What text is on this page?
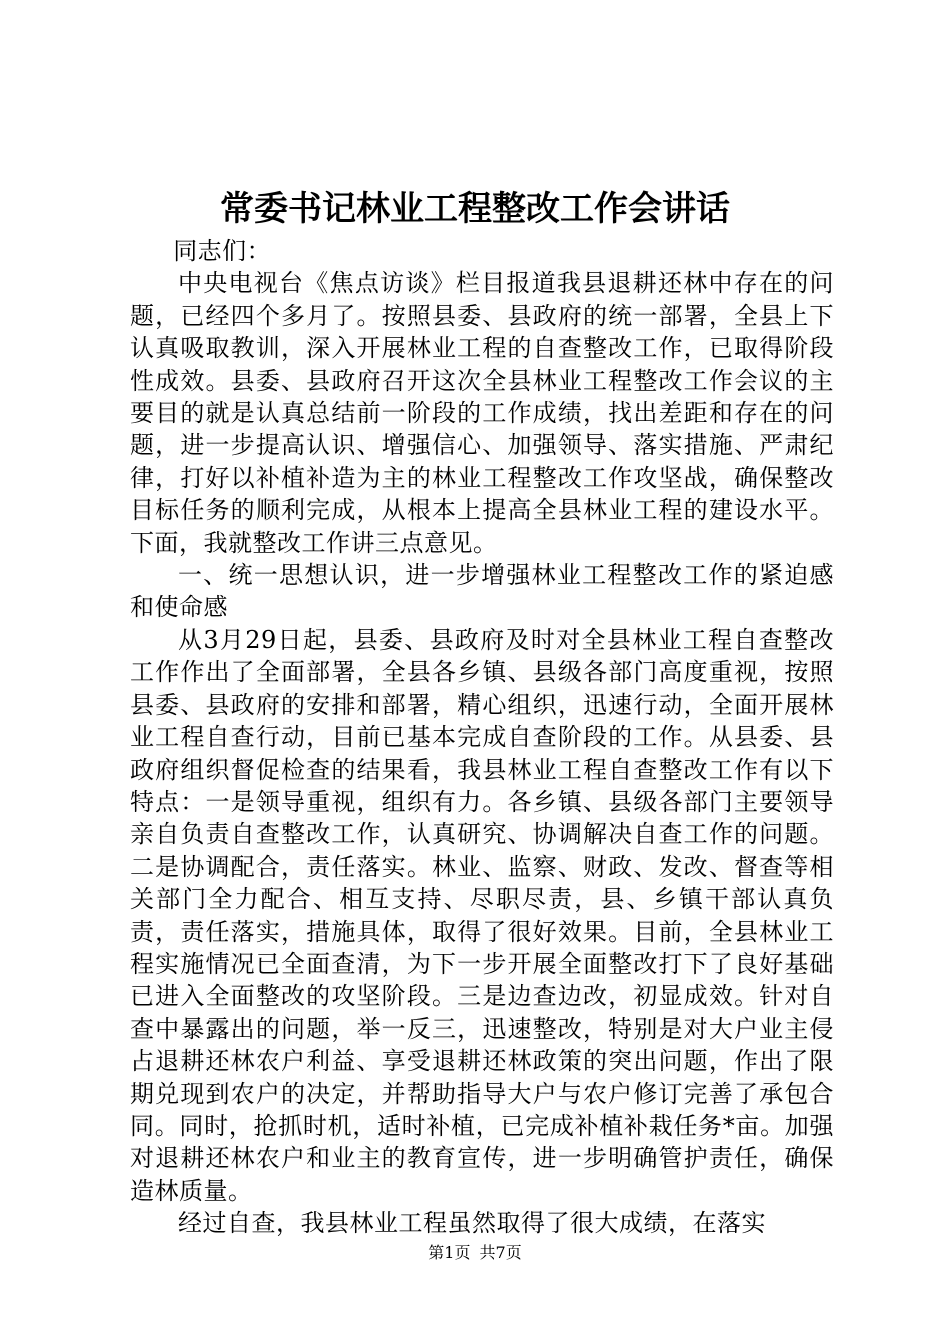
常委书记林业工程整改工作会讲话

同志们：

中央电视台《焦点访谈》栏目报道我县退耕还林中存在的问题，已经四个多月了。按照县委、县政府的统一部署，全县上下认真吸取教训，深入开展林业工程的自查整改工作，已取得阶段性成效。县委、县政府召开这次全县林业工程整改工作会议的主要目的就是认真总结前一阶段的工作成绩，找出差距和存在的问题，进一步提高认识、增强信心、加强领导、落实措施、严肃纪律，打好以补植补造为主的林业工程整改工作攻坚战，确保整改目标任务的顺利完成，从根本上提高全县林业工程的建设水平。下面，我就整改工作讲三点意见。

一、统一思想认识，进一步增强林业工程整改工作的紧迫感和使命感

从3月29日起，县委、县政府及时对全县林业工程自查整改工作作出了全面部署，全县各乡镇、县级各部门高度重视，按照县委、县政府的安排和部署，精心组织，迅速行动，全面开展林业工程自查行动，目前已基本完成自查阶段的工作。从县委、县政府组织督促检查的结果看，我县林业工程自查整改工作有以下特点：一是领导重视，组织有力。各乡镇、县级各部门主要领导亲自负责自查整改工作，认真研究、协调解决自查工作的问题。二是协调配合，责任落实。林业、监察、财政、发改、督查等相关部门全力配合、相互支持、尽职尽责，县、乡镇干部认真负责，责任落实，措施具体，取得了很好效果。目前，全县林业工程实施情况已全面查清，为下一步开展全面整改打下了良好基础已进入全面整改的攻坚阶段。三是边查边改，初显成效。针对自查中暴露出的问题，举一反三，迅速整改，特别是对大户业主侵占退耕还林农户利益、享受退耕还林政策的突出问题，作出了限期兑现到农户的决定，并帮助指导大户与农户修订完善了承包合同。同时，抢抓时机，适时补植，已完成补植补栽任务*亩。加强对退耕还林农户和业主的教育宣传，进一步明确管护责任，确保造林质量。

经过自查，我县林业工程虽然取得了很大成绩，在落实

第1页 共7页
